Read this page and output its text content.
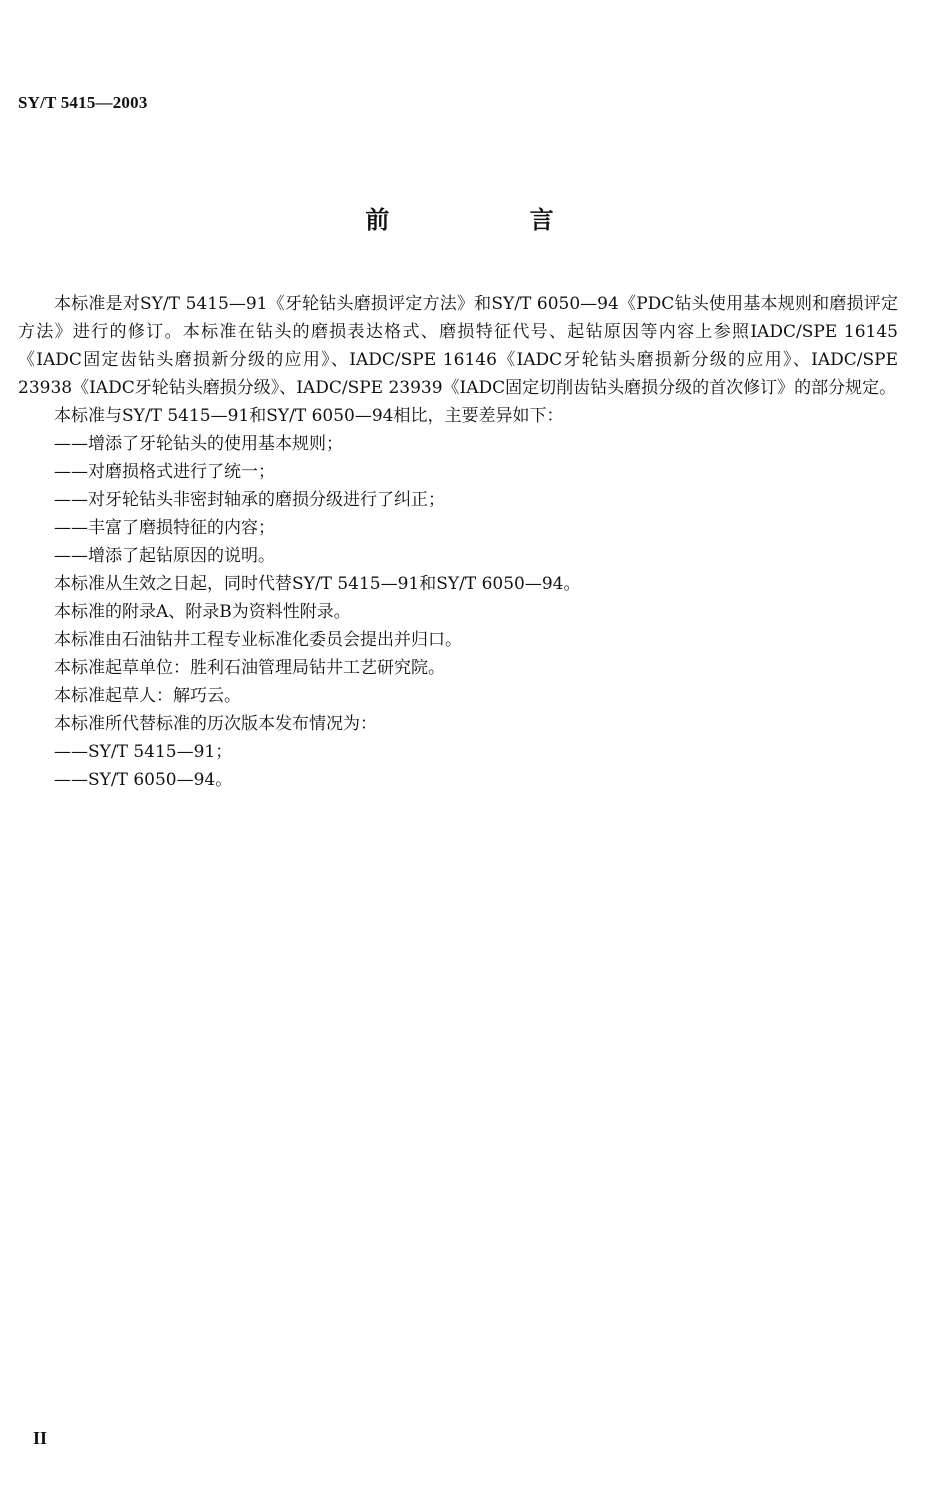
SY/T 5415—2003
前 言

本标准是对SY/T 5415—91《牙轮钻头磨损评定方法》和SY/T 6050—94《PDC钻头使用基本规则和磨损评定方法》进行的修订。本标准在钻头的磨损表达格式、磨损特征代号、起钻原因等内容上参照IADC/SPE 16145《IADC固定齿钻头磨损新分级的应用》、IADC/SPE 16146《IADC牙轮钻头磨损新分级的应用》、IADC/SPE 23938《IADC牙轮钻头磨损分级》、IADC/SPE 23939《IADC固定切削齿钻头磨损分级的首次修订》的部分规定。

本标准与SY/T 5415—91和SY/T 6050—94相比，主要差异如下：

——增添了牙轮钻头的使用基本规则；

——对磨损格式进行了统一；

——对牙轮钻头非密封轴承的磨损分级进行了纠正；

——丰富了磨损特征的内容；

——增添了起钻原因的说明。

本标准从生效之日起，同时代替SY/T 5415—91和SY/T 6050—94。

本标准的附录A、附录B为资料性附录。

本标准由石油钻井工程专业标准化委员会提出并归口。

本标准起草单位：胜利石油管理局钻井工艺研究院。

本标准起草人：解巧云。

本标准所代替标准的历次版本发布情况为：

——SY/T 5415—91；

——SY/T 6050—94。

II
